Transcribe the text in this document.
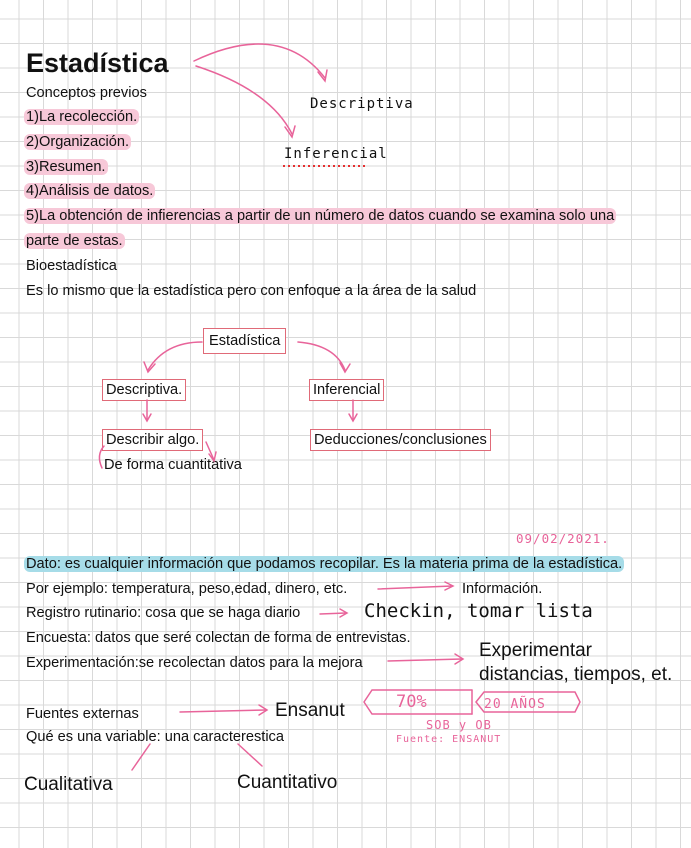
Estadística
Conceptos previos
1)La recolección.
2)Organización.
3)Resumen.
4)Análisis de datos.
5)La obtención de infierencias a partir de un número de datos cuando se examina solo una
parte de estas.
Bioestadística
Es lo mismo que la estadística pero con enfoque a la área de la salud
Descriptiva
Inferencial
Estadística
Descriptiva.	Inferencial
Describir algo.
De forma cuantitativa
Deducciones/conclusiones
09/02/2021.
Dato: es cualquier información que podamos recopilar. Es la materia prima de la estadística.
Por ejemplo: temperatura, peso,edad, dinero, etc.	Información.
Registro rutinario: cosa que se haga diario	Checkin, tomar lista
Encuesta: datos que seré colectan de forma de entrevistas.
Experimentación:se recolectan datos para la mejora
Experimentar
distancias, tiempos, et.
Fuentes externas	Ensanut	70%	20 AÑOS
SOB y OB
Fuente: ENSANUT
Qué es una variable: una caracterestica
Cualitativa	Cuantitativo
